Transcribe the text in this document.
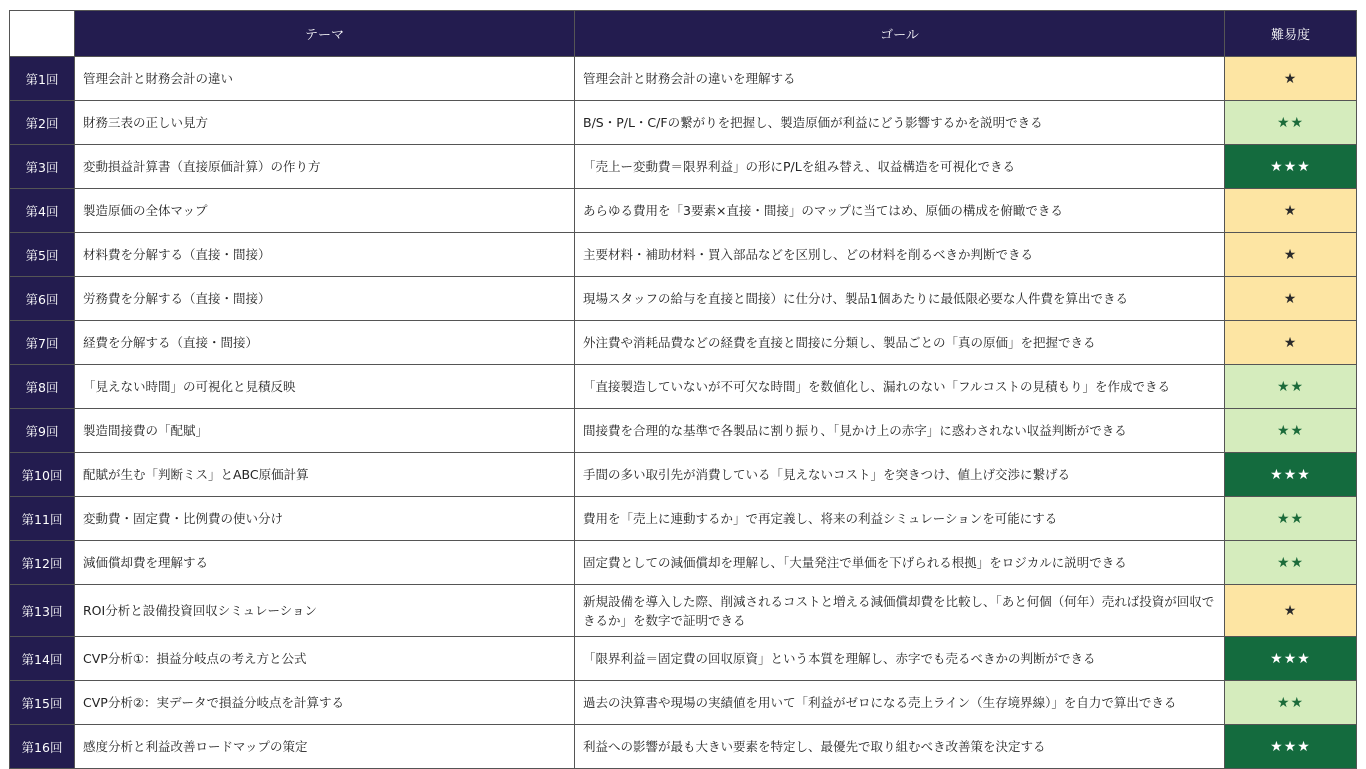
	テーマ	ゴール	難易度
第1回	管理会計と財務会計の違い	管理会計と財務会計の違いを理解する	★
第2回	財務三表の正しい見方	B/S・P/L・C/Fの繋がりを把握し、製造原価が利益にどう影響するかを説明できる	★★
第3回	変動損益計算書（直接原価計算）の作り方	「売上ー変動費＝限界利益」の形にP/Lを組み替え、収益構造を可視化できる	★★★
第4回	製造原価の全体マップ	あらゆる費用を「3要素×直接・間接」のマップに当てはめ、原価の構成を俯瞰できる	★
第5回	材料費を分解する（直接・間接）	主要材料・補助材料・買入部品などを区別し、どの材料を削るべきか判断できる	★
第6回	労務費を分解する（直接・間接）	現場スタッフの給与を直接と間接）に仕分け、製品1個あたりに最低限必要な人件費を算出できる	★
第7回	経費を分解する（直接・間接）	外注費や消耗品費などの経費を直接と間接に分類し、製品ごとの「真の原価」を把握できる	★
第8回	「見えない時間」の可視化と見積反映	「直接製造していないが不可欠な時間」を数値化し、漏れのない「フルコストの見積もり」を作成できる	★★
第9回	製造間接費の「配賦」	間接費を合理的な基準で各製品に割り振り、「見かけ上の赤字」に惑わされない収益判断ができる	★★
第10回	配賦が生む「判断ミス」とABC原価計算	手間の多い取引先が消費している「見えないコスト」を突きつけ、値上げ交渉に繋げる	★★★
第11回	変動費・固定費・比例費の使い分け	費用を「売上に連動するか」で再定義し、将来の利益シミュレーションを可能にする	★★
第12回	減価償却費を理解する	固定費としての減価償却を理解し、「大量発注で単価を下げられる根拠」をロジカルに説明できる	★★
第13回	ROI分析と設備投資回収シミュレーション	新規設備を導入した際、削減されるコストと増える減価償却費を比較し、「あと何個（何年）売れば投資が回収できるか」を数字で証明できる	★
第14回	CVP分析①：損益分岐点の考え方と公式	「限界利益＝固定費の回収原資」という本質を理解し、赤字でも売るべきかの判断ができる	★★★
第15回	CVP分析②：実データで損益分岐点を計算する	過去の決算書や現場の実績値を用いて「利益がゼロになる売上ライン（生存境界線）」を自力で算出できる	★★
第16回	感度分析と利益改善ロードマップの策定	利益への影響が最も大きい要素を特定し、最優先で取り組むべき改善策を決定する	★★★
